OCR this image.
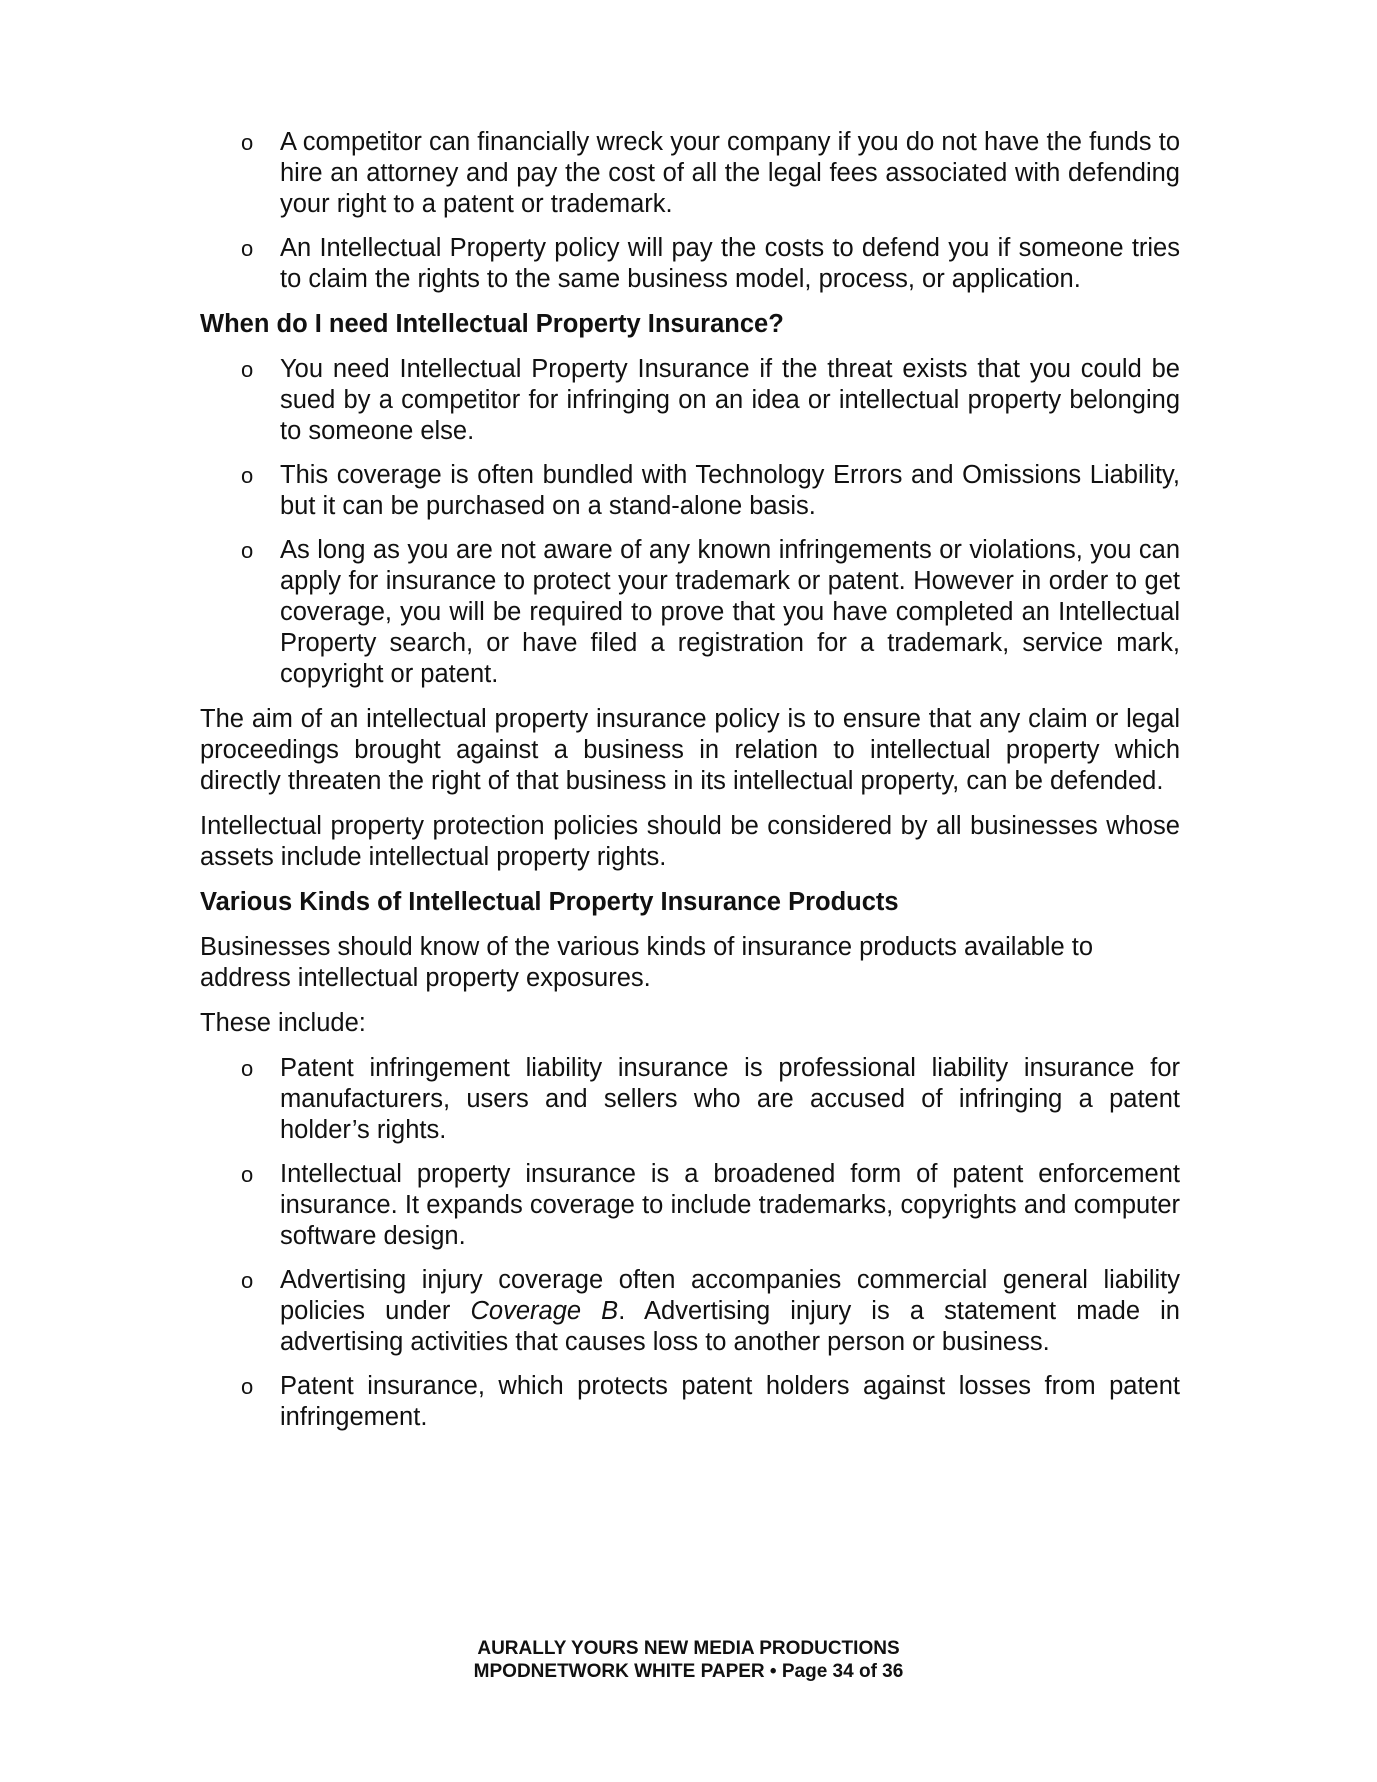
o A competitor can financially wreck your company if you do not have the funds to hire an attorney and pay the cost of all the legal fees associated with defending your right to a patent or trademark.
o An Intellectual Property policy will pay the costs to defend you if someone tries to claim the rights to the same business model, process, or application.
When do I need Intellectual Property Insurance?
o You need Intellectual Property Insurance if the threat exists that you could be sued by a competitor for infringing on an idea or intellectual property belonging to someone else.
o This coverage is often bundled with Technology Errors and Omissions Liability, but it can be purchased on a stand-alone basis.
o As long as you are not aware of any known infringements or violations, you can apply for insurance to protect your trademark or patent. However in order to get coverage, you will be required to prove that you have completed an Intellectual Property search, or have filed a registration for a trademark, service mark, copyright or patent.

The aim of an intellectual property insurance policy is to ensure that any claim or legal proceedings brought against a business in relation to intellectual property which directly threaten the right of that business in its intellectual property, can be defended.

Intellectual property protection policies should be considered by all businesses whose assets include intellectual property rights.

Various Kinds of Intellectual Property Insurance Products

Businesses should know of the various kinds of insurance products available to address intellectual property exposures.

These include:

o Patent infringement liability insurance is professional liability insurance for manufacturers, users and sellers who are accused of infringing a patent holder’s rights.
o Intellectual property insurance is a broadened form of patent enforcement insurance. It expands coverage to include trademarks, copyrights and computer software design.
o Advertising injury coverage often accompanies commercial general liability policies under Coverage B. Advertising injury is a statement made in advertising activities that causes loss to another person or business.
o Patent insurance, which protects patent holders against losses from patent infringement.
AURALLY YOURS NEW MEDIA PRODUCTIONS
MPODNETWORK WHITE PAPER • Page 34 of 36
